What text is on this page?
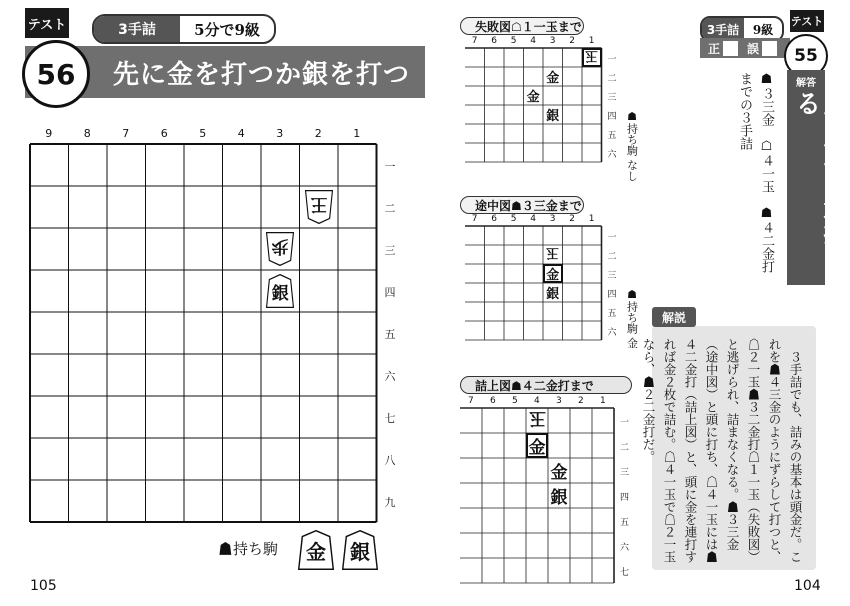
テスト	3手詰	5分で9級
先に金を打つか銀を打つか
56
9	8	7	6	5	4	3	2	1
一
二
三
四
五
六
七
八
九
王
歩
銀
☗持ち駒 金 銀
105
失敗図☖１一玉まで
7 6 5 4 3 2 1
一
二
三
四
五
六
玉
金
金
銀	☗持ち駒 なし
途中図☗３三金まで
7 6 5 4 3 2 1
一
二
三
四
五
六
玉
金
銀	☗持ち駒 金
詰上図☗４二金打まで
7 6 5 4 3 2 1
一
二
三
四
五
六
七
玉
金
金
銀
3手詰	9級
テスト
正 誤	55
解答
玉の頭に連打する
☗３三金　☖４一玉　☗４二金打
までの３手詰
　３手詰でも、詰みの基本は頭金だ。これを☗４三金のようにずらして打つと、☖２一玉☗３二金打☖１一玉（失敗図）と逃げられ、詰まなくなる。☗３三金（途中図）と頭に打ち、☖４一玉には☗４二金打（詰上図）と、頭に金を連打すれば金２枚で詰む。☖４一玉で☖２一玉なら、☗２二金打だ。
解説
104
